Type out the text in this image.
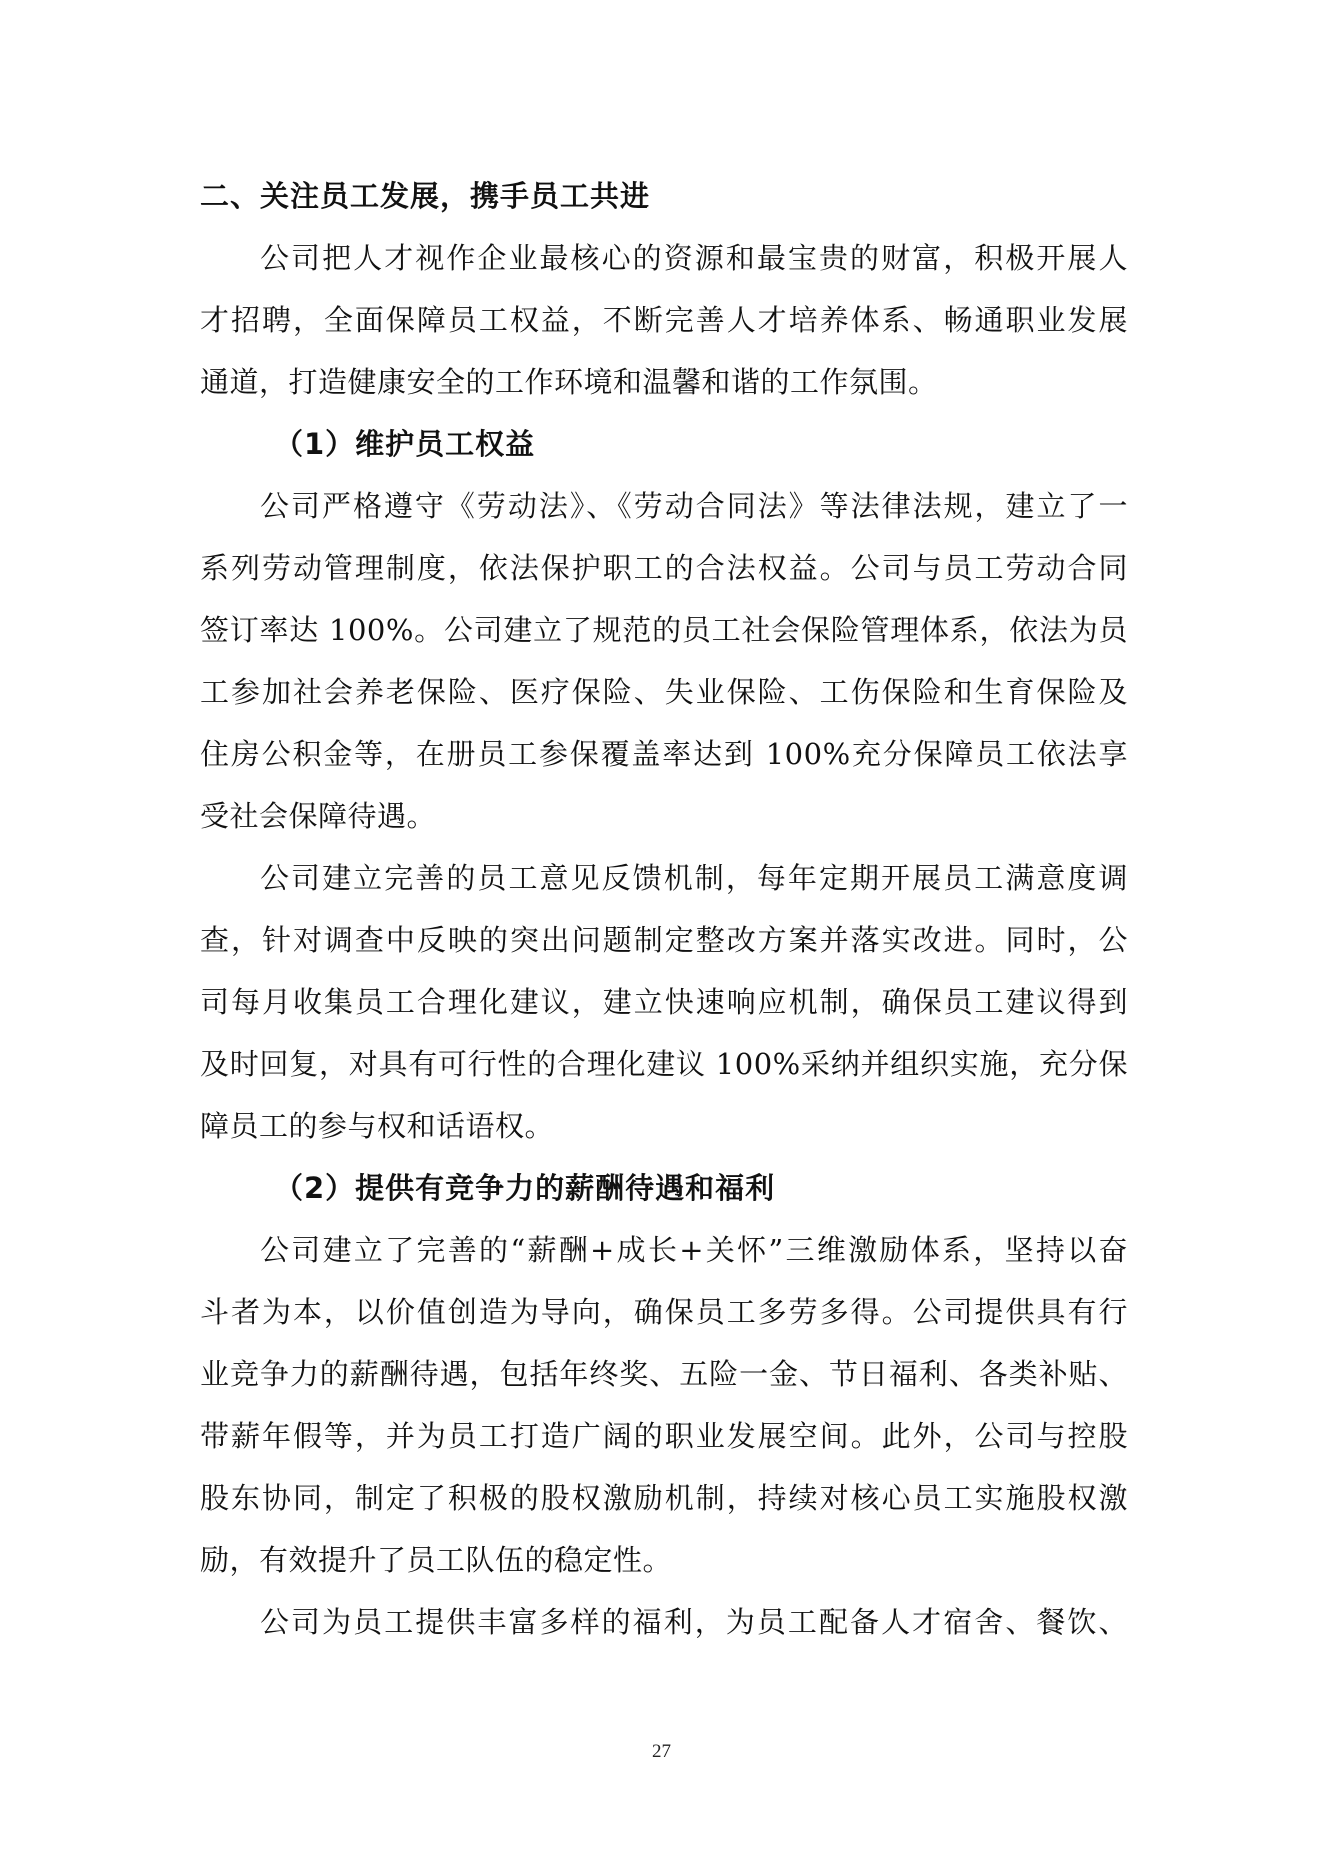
二、关注员工发展，携手员工共进
公司把人才视作企业最核心的资源和最宝贵的财富，积极开展人
才招聘，全面保障员工权益，不断完善人才培养体系、畅通职业发展
通道，打造健康安全的工作环境和温馨和谐的工作氛围。
（1）维护员工权益
公司严格遵守《劳动法》、《劳动合同法》等法律法规，建立了一
系列劳动管理制度，依法保护职工的合法权益。公司与员工劳动合同
签订率达 100%。公司建立了规范的员工社会保险管理体系，依法为员
工参加社会养老保险、医疗保险、失业保险、工伤保险和生育保险及
住房公积金等，在册员工参保覆盖率达到 100%充分保障员工依法享
受社会保障待遇。
公司建立完善的员工意见反馈机制，每年定期开展员工满意度调
查，针对调查中反映的突出问题制定整改方案并落实改进。同时，公
司每月收集员工合理化建议，建立快速响应机制，确保员工建议得到
及时回复，对具有可行性的合理化建议 100%采纳并组织实施，充分保
障员工的参与权和话语权。
（2）提供有竞争力的薪酬待遇和福利
公司建立了完善的“薪酬+成长+关怀”三维激励体系，坚持以奋
斗者为本，以价值创造为导向，确保员工多劳多得。公司提供具有行
业竞争力的薪酬待遇，包括年终奖、五险一金、节日福利、各类补贴、
带薪年假等，并为员工打造广阔的职业发展空间。此外，公司与控股
股东协同，制定了积极的股权激励机制，持续对核心员工实施股权激
励，有效提升了员工队伍的稳定性。
公司为员工提供丰富多样的福利，为员工配备人才宿舍、餐饮、
27
